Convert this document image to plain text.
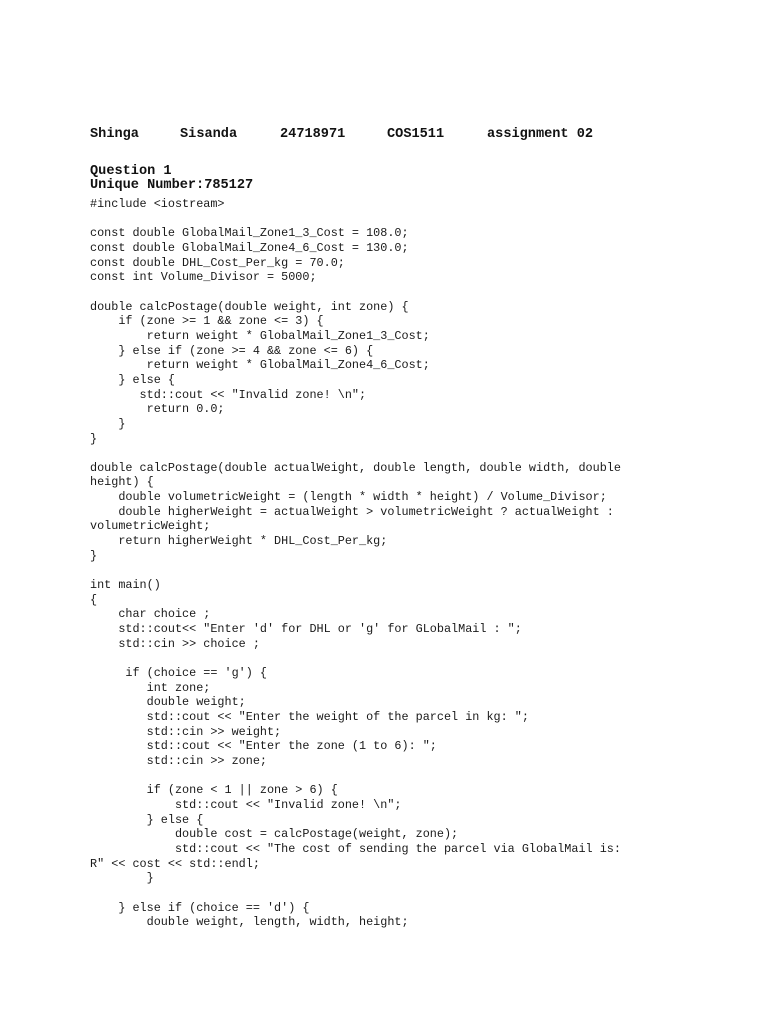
Shinga	Sisanda	24718971	COS1511	assignment 02

Unique Number:785127

Question 1
#include <iostream>

const double GlobalMail_Zone1_3_Cost = 108.0;
const double GlobalMail_Zone4_6_Cost = 130.0;
const double DHL_Cost_Per_kg = 70.0;
const int Volume_Divisor = 5000;

double calcPostage(double weight, int zone) {
if (zone >= 1 && zone <= 3) {
return weight * GlobalMail_Zone1_3_Cost;
} else if (zone >= 4 && zone <= 6) {
return weight * GlobalMail_Zone4_6_Cost;
} else {
std::cout << "Invalid zone! \n";
return 0.0;
}
}

double calcPostage(double actualWeight, double length, double width, double
height) {
double volumetricWeight = (length * width * height) / Volume_Divisor;
double higherWeight = actualWeight > volumetricWeight ? actualWeight :
volumetricWeight;
return higherWeight * DHL_Cost_Per_kg;
}

int main()
{
char choice ;
std::cout<< "Enter 'd' for DHL or 'g' for GLobalMail : ";
std::cin >> choice ;

if (choice == 'g') {
int zone;
double weight;
std::cout << "Enter the weight of the parcel in kg: ";
std::cin >> weight;
std::cout << "Enter the zone (1 to 6): ";
std::cin >> zone;

if (zone < 1 || zone > 6) {
std::cout << "Invalid zone! \n";
} else {
double cost = calcPostage(weight, zone);
std::cout << "The cost of sending the parcel via GlobalMail is:
R" << cost << std::endl;
}

} else if (choice == 'd') {
double weight, length, width, height;
